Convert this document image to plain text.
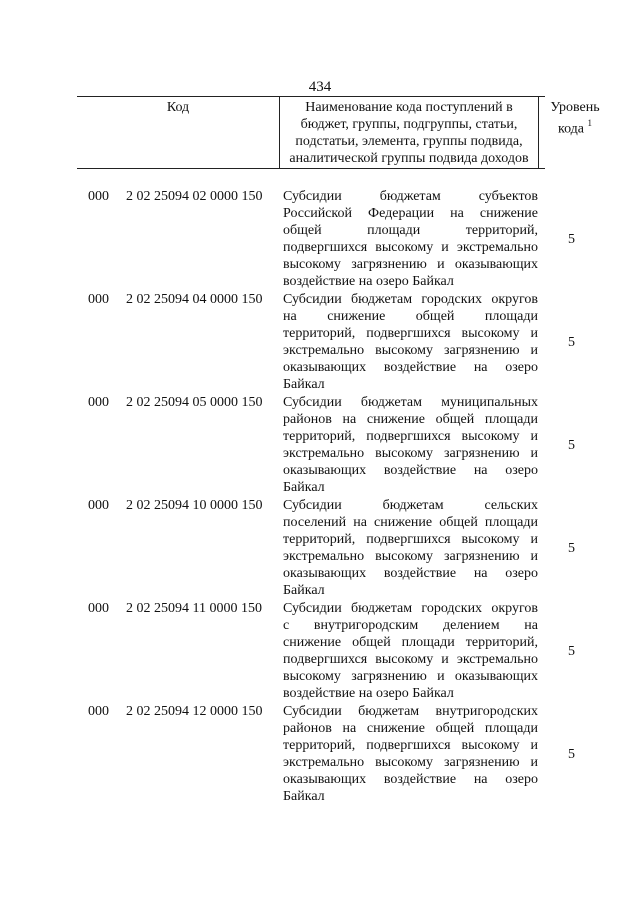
434
Код	Наименование кода поступлений в
бюджет, группы, подгруппы, статьи,
подстатьи, элемента, группы подвида,
аналитической группы подвида доходов
Уровень
кода $^1$
000 2 02 25094 02 0000 150 Субсидии бюджетам субъектов
Российской Федерации на снижение
общей площади территорий,
подвергшихся высокому и экстремально
высокому загрязнению и оказывающих
воздействие на озеро Байкал
5
000 2 02 25094 04 0000 150 Субсидии бюджетам городских округов
на снижение общей площади
территорий, подвергшихся высокому и
экстремально высокому загрязнению и
оказывающих воздействие на озеро
Байкал
5
000 2 02 25094 05 0000 150 Субсидии бюджетам муниципальных
районов на снижение общей площади
территорий, подвергшихся высокому и
экстремально высокому загрязнению и
оказывающих воздействие на озеро
Байкал
5
000 2 02 25094 10 0000 150 Субсидии бюджетам сельских
поселений на снижение общей площади
территорий, подвергшихся высокому и
экстремально высокому загрязнению и
оказывающих воздействие на озеро
Байкал
5
000 2 02 25094 11 0000 150 Субсидии бюджетам городских округов
с внутригородским делением на
снижение общей площади территорий,
подвергшихся высокому и экстремально
высокому загрязнению и оказывающих
воздействие на озеро Байкал
5
000 2 02 25094 12 0000 150 Субсидии бюджетам внутригородских
районов на снижение общей площади
территорий, подвергшихся высокому и
экстремально высокому загрязнению и
оказывающих воздействие на озеро
Байкал
5
